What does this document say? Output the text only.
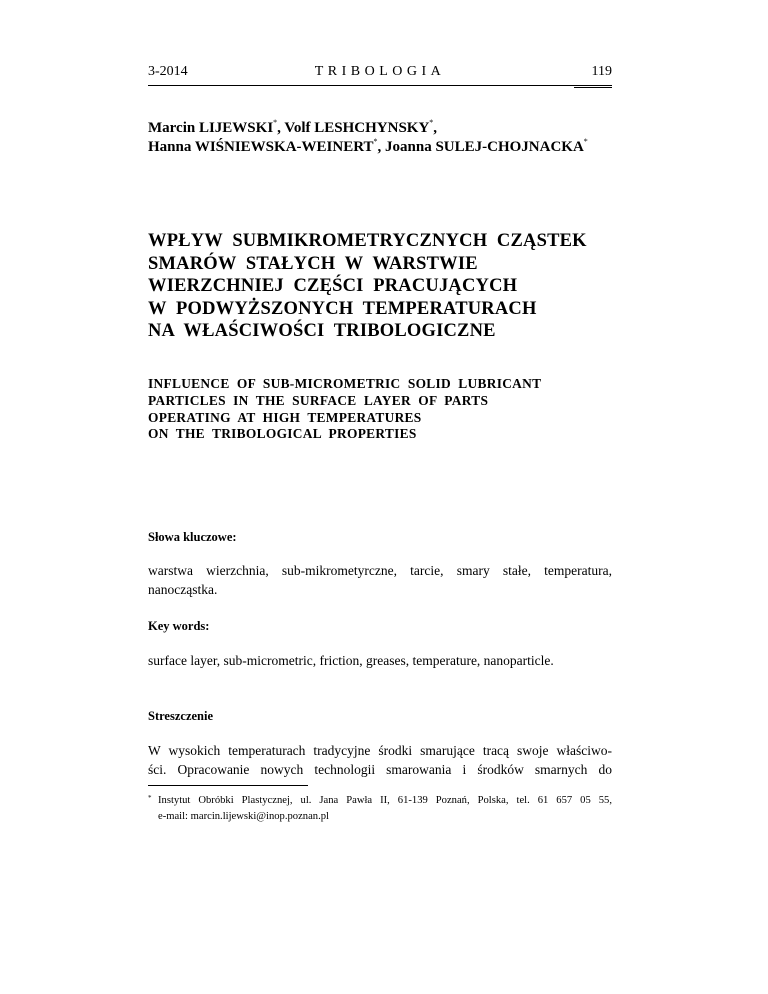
3-2014	TRIBOLOGIA	119
Marcin LIJEWSKI*, Volf LESHCHYNSKY*,
Hanna WIŚNIEWSKA-WEINERT*, Joanna SULEJ-CHOJNACKA*
WPŁYW  SUBMIKROMETRYCZNYCH  CZĄSTEK
SMARÓW  STAŁYCH  W  WARSTWIE
WIERZCHNIEJ  CZĘŚCI  PRACUJĄCYCH
W  PODWYŻSZONYCH  TEMPERATURACH
NA  WŁAŚCIWOŚCI  TRIBOLOGICZNE
INFLUENCE  OF  SUB-MICROMETRIC  SOLID  LUBRICANT
PARTICLES  IN  THE  SURFACE  LAYER  OF  PARTS
OPERATING  AT  HIGH  TEMPERATURES
ON  THE  TRIBOLOGICAL  PROPERTIES
Słowa kluczowe:
warstwa wierzchnia, sub-mikrometyrczne, tarcie, smary stałe, temperatura,
nanocząstka.
Key words:
surface layer, sub-micrometric, friction, greases, temperature, nanoparticle.
Streszczenie
W wysokich temperaturach tradycyjne środki smarujące tracą swoje właściwo-
ści. Opracowanie nowych technologii smarowania i środków smarnych do
* Instytut Obróbki Plastycznej, ul. Jana Pawła II, 61-139 Poznań, Polska, tel. 61 657 05 55,
e-mail: marcin.lijewski@inop.poznan.pl
